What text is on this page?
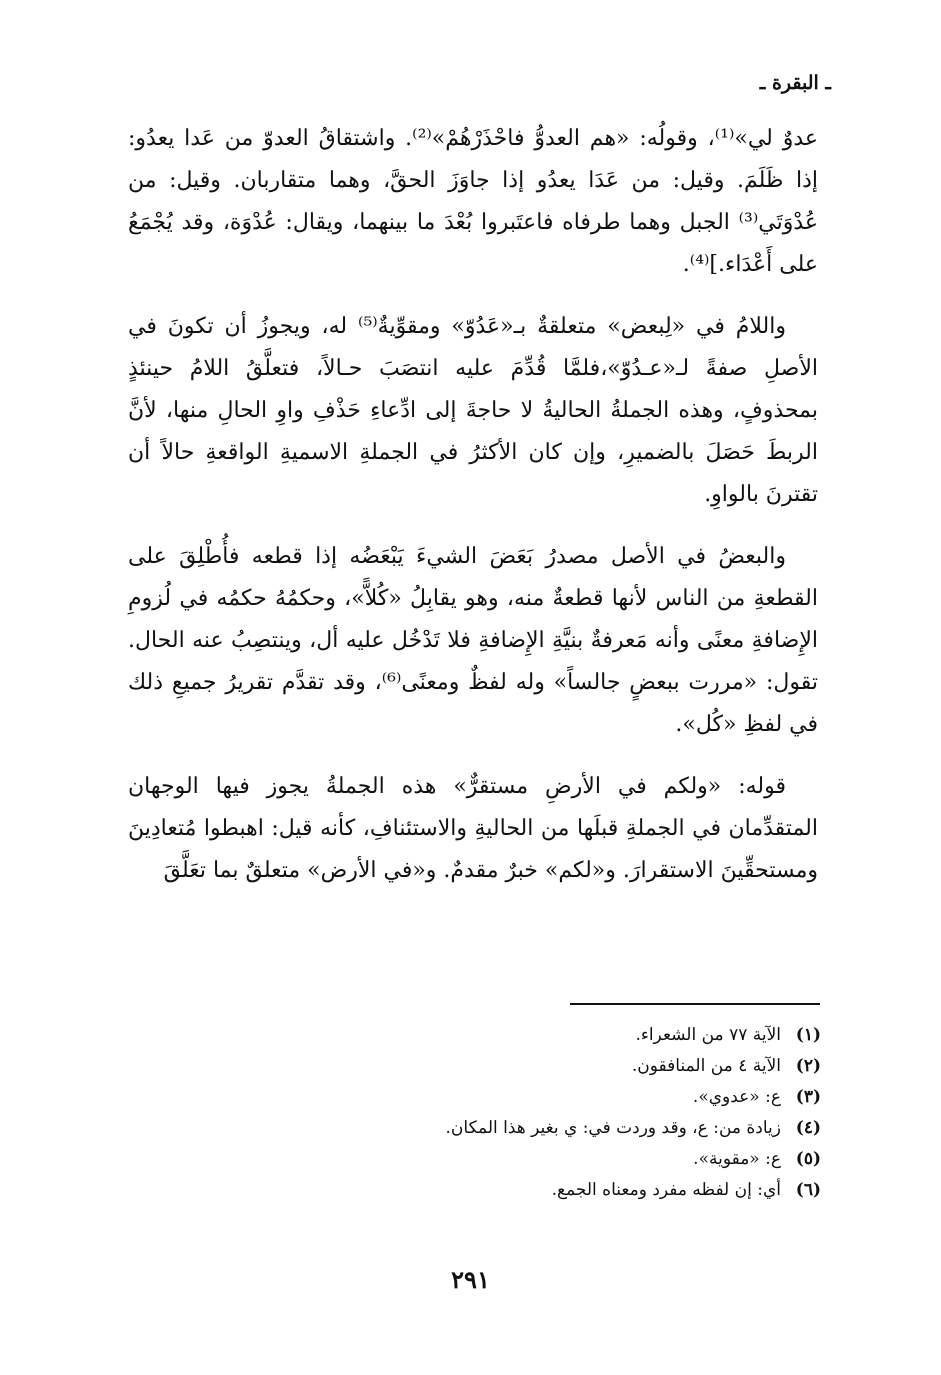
ـ البقرة ـ

عدوٌ لي»⁽¹⁾، وقولُه: «هم العدوُّ فاحْذَرْهُمْ»⁽²⁾. واشتقاقُ العدوّ من عَدا يعدُو: إذا ظَلَمَ. وقيل: من عَدَا يعدُو إذا جاوَزَ الحقَّ، وهما متقاربان. وقيل: من عُدْوَتَي⁽³⁾ الجبل وهما طرفاه فاعتَبروا بُعْدَ ما بينهما، ويقال: عُدْوَة، وقد يُجْمَعُ على أَعْدَاء.]⁽⁴⁾.

واللامُ في «لِبعض» متعلقةٌ بـ«عَدُوّ» ومقوِّيةٌ⁽⁵⁾ له، ويجوزُ أن تكونَ في الأصلِ صفةً لـ«عـدُوّ»،فلمَّا قُدِّمَ عليه انتصَبَ حـالاً، فتعلَّقُ اللامُ حينئذٍ بمحذوفٍ، وهذه الجملةُ الحاليةُ لا حاجةَ إلى ادِّعاءِ حَذْفِ واوِ الحالِ منها، لأنَّ الربطَ حَصَلَ بالضميرِ، وإن كان الأكثرُ في الجملةِ الاسميةِ الواقعةِ حالاً أن تقترنَ بالواوِ.

والبعضُ في الأصل مصدرُ بَعَضَ الشيءَ يَبْعَضُه إذا قطعه فأُطْلِقَ على القطعةِ من الناس لأنها قطعةٌ منه، وهو يقابِلُ «كُلاًّ»، وحكمُهُ حكمُه في لُزومِ الإِضافةِ معنًى وأنه مَعرفةٌ بنيَّةِ الإِضافةِ فلا تَدْخُل عليه أل، وينتصِبُ عنه الحال. تقول: «مررت ببعضٍ جالساً» وله لفظٌ ومعنًى⁽⁶⁾، وقد تقدَّم تقريرُ جميعِ ذلك في لفظِ «كُل».

قوله: «ولكم في الأرضِ مستقرٌّ» هذه الجملةُ يجوز فيها الوجهان المتقدِّمان في الجملةِ قبلَها من الحاليةِ والاستئنافِ، كأنه قيل: اهبطوا مُتعادِينَ ومستحقِّينَ الاستقرارَ. و«لكم» خبرٌ مقدمٌ. و«في الأرض» متعلقٌ بما تعَلَّقَ

(١)
الآية ٧٧ من الشعراء.
(٢)
الآية ٤ من المنافقون.
(٣)
ع: «عدوي».
(٤)
زيادة من: ع، وقد وردت في: ي بغير هذا المكان.
(٥)
ع: «مقوية».
(٦)
أي: إن لفظه مفرد ومعناه الجمع.
٢٩١
